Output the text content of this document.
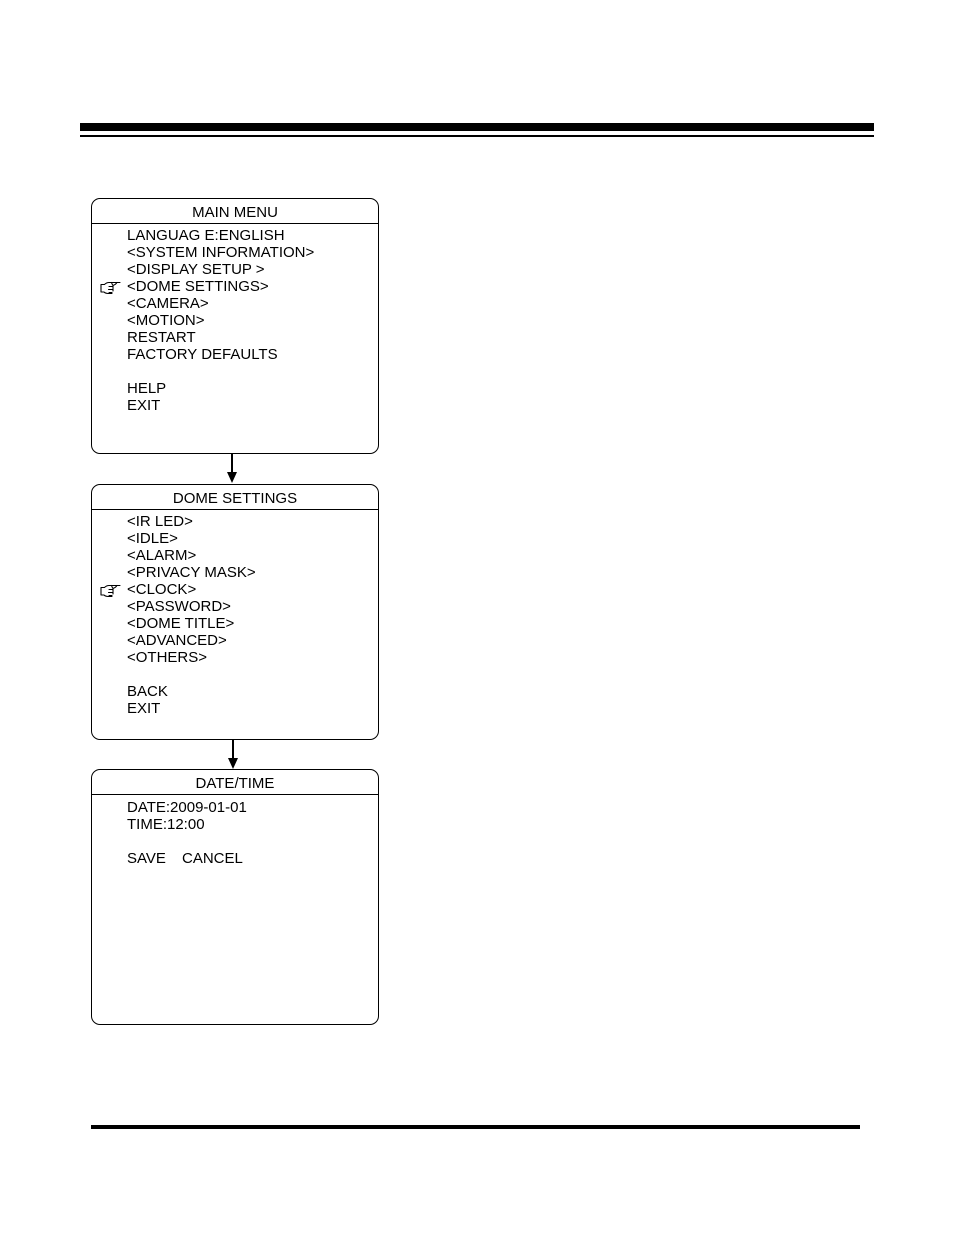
MAIN MENU
LANGUAG E:ENGLISH
<SYSTEM INFORMATION>
<DISPLAY SETUP >
<DOME SETTINGS>
<CAMERA>
<MOTION>
RESTART
FACTORY DEFAULTS
HELP
EXIT
DOME SETTINGS
<IR LED>
<IDLE>
<ALARM>
<PRIVACY MASK>
<CLOCK>
<PASSWORD>
<DOME TITLE>
<ADVANCED>
<OTHERS>
BACK
EXIT
DATE/TIME
DATE:2009-01-01
TIME:12:00
SAVE CANCEL
